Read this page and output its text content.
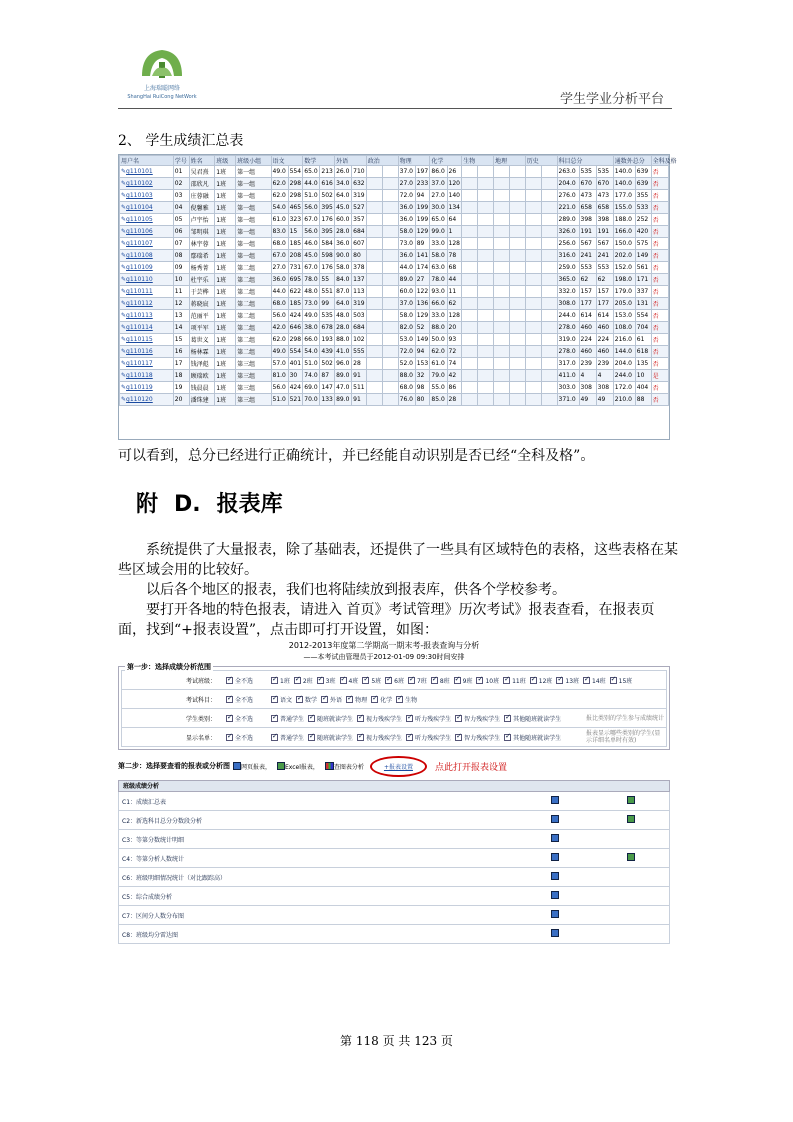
上海瑞聪网络
ShangHai RuiCong NetWork	学生学业分析平台
2、 学生成绩汇总表
用户名	学号	姓名	班级	班级小组	语文		数学		外语		政治		物理		化学		生物		地理		历史		科目总分			通数外总分		全科及格
✎g110101	01	吴君熹	1班	第一组	49.0	554	65.0	213	26.0	710			37.0	197	86.0	26							263.0	535	535	140.0	639	否
✎g110102	02	邵欣凡	1班	第一组	62.0	298	44.0	616	34.0	632			27.0	233	37.0	120							204.0	670	670	140.0	639	否
✎g110103	03	庄蓉融	1班	第一组	62.0	298	51.0	502	64.0	319			72.0	94	27.0	140							276.0	473	473	177.0	355	否
✎g110104	04	倪馨雅	1班	第一组	54.0	465	56.0	395	45.0	527			36.0	199	30.0	134							221.0	658	658	155.0	533	否
✎g110105	05	卢宇怡	1班	第一组	61.0	323	67.0	176	60.0	357			36.0	199	65.0	64							289.0	398	398	188.0	252	否
✎g110106	06	邹明琪	1班	第一组	83.0	15	56.0	395	28.0	684			58.0	129	99.0	1							326.0	191	191	166.0	420	否
✎g110107	07	林宇蓉	1班	第一组	68.0	185	46.0	584	36.0	607			73.0	89	33.0	128							256.0	567	567	150.0	575	否
✎g110108	08	鄢瑞希	1班	第一组	67.0	208	45.0	598	90.0	80			36.0	141	58.0	78							316.0	241	241	202.0	149	否
✎g110109	09	杨秀菁	1班	第二组	27.0	731	67.0	176	58.0	378			44.0	174	63.0	68							259.0	553	553	152.0	561	否
✎g110110	10	杜宇乐	1班	第二组	36.0	695	78.0	55	84.0	137			89.0	27	78.0	44							365.0	62	62	198.0	171	否
✎g110111	11	于芸桦	1班	第二组	44.0	622	48.0	551	87.0	113			60.0	122	93.0	11							332.0	157	157	179.0	337	否
✎g110112	12	蒋晓宸	1班	第二组	68.0	185	73.0	99	64.0	319			37.0	136	66.0	62							308.0	177	177	205.0	131	否
✎g110113	13	范丽平	1班	第二组	56.0	424	49.0	535	48.0	503			58.0	129	33.0	128							244.0	614	614	153.0	554	否
✎g110114	14	项平军	1班	第二组	42.0	646	38.0	678	28.0	684			82.0	52	88.0	20							278.0	460	460	108.0	704	否
✎g110115	15	葛世义	1班	第二组	62.0	298	66.0	193	88.0	102			53.0	149	50.0	93							319.0	224	224	216.0	61	否
✎g110116	16	杨林霖	1班	第二组	49.0	554	54.0	439	41.0	555			72.0	94	62.0	72							278.0	460	460	144.0	618	否
✎g110117	17	钱泽彪	1班	第三组	57.0	401	51.0	502	96.0	28			52.0	153	61.0	74							317.0	239	239	204.0	135	否
✎g110118	18	顾瑞欧	1班	第三组	81.0	30	74.0	87	89.0	91			88.0	32	79.0	42							411.0	4	4	244.0	10	是
✎g110119	19	钱晨晨	1班	第三组	56.0	424	69.0	147	47.0	511			68.0	98	55.0	86							303.0	308	308	172.0	404	否
✎g110120	20	潘珠建	1班	第三组	51.0	521	70.0	133	89.0	91			76.0	80	85.0	28							371.0	49	49	210.0	88	否
可以看到，总分已经进行正确统计，并已经能自动识别是否已经“全科及格”。
附 D. 报表库
系统提供了大量报表，除了基础表，还提供了一些具有区域特色的表格，这些表格在某些区域会用的比较好。
以后各个地区的报表，我们也将陆续放到报表库，供各个学校参考。
要打开各地的特色报表，请进入 首页》考试管理》历次考试》报表查看，在报表页面，找到“+报表设置”，点击即可打开设置，如图：
2012-2013年度第二学期高一期末考-报表查询与分析
——本考试由管理员于2012-01-09 09:30时间安排
第一步：选择成绩分析范围
考试班级： ✓	全不选
✓	1班
✓ 2班
✓ 3班
✓ 4班
✓ 5班
✓ 6班
✓ 7班
✓ 8班
✓ 9班
✓ 10班
✓ 11班
✓ 12班
✓ 13班
✓ 14班
✓ 15班
考试科目： ✓	全不选 ✓	语文 ✓ 数学 ✓ 外语 ✓ 物理 ✓ 化学 ✓ 生物
学生类别： ✓	全不选 ✓	普通学生 ✓ 随班就读学生 ✓ 视力残疾学生 ✓ 听力残疾学生 ✓ 智力残疾学生 ✓ 其他随班就读学生	报比类别的学生参与成绩统计
显示名单： ✓	全不选 ✓	普通学生 ✓ 随班就读学生 ✓ 视力残疾学生 ✓ 听力残疾学生 ✓ 智力残疾学生 ✓ 其他随班就读学生
报表显示哪些类别的学生(显示详细名单时有效)
第二步：选择要查看的报表或分析图 网页报表， Excel报表，	查图表分析	+报表设置	点此打开报表设置
班级成绩分析
C1：成绩汇总表
C2：新选科目总分分数段分析
C3：等第分数统计明细
C4：等第分析人数统计
C6：班级明细情况统计（对比跟踪高）
C5：综合成绩分析
C7：区间分人数分布图
C8：班级均分雷达图
第 118 页 共 123 页
